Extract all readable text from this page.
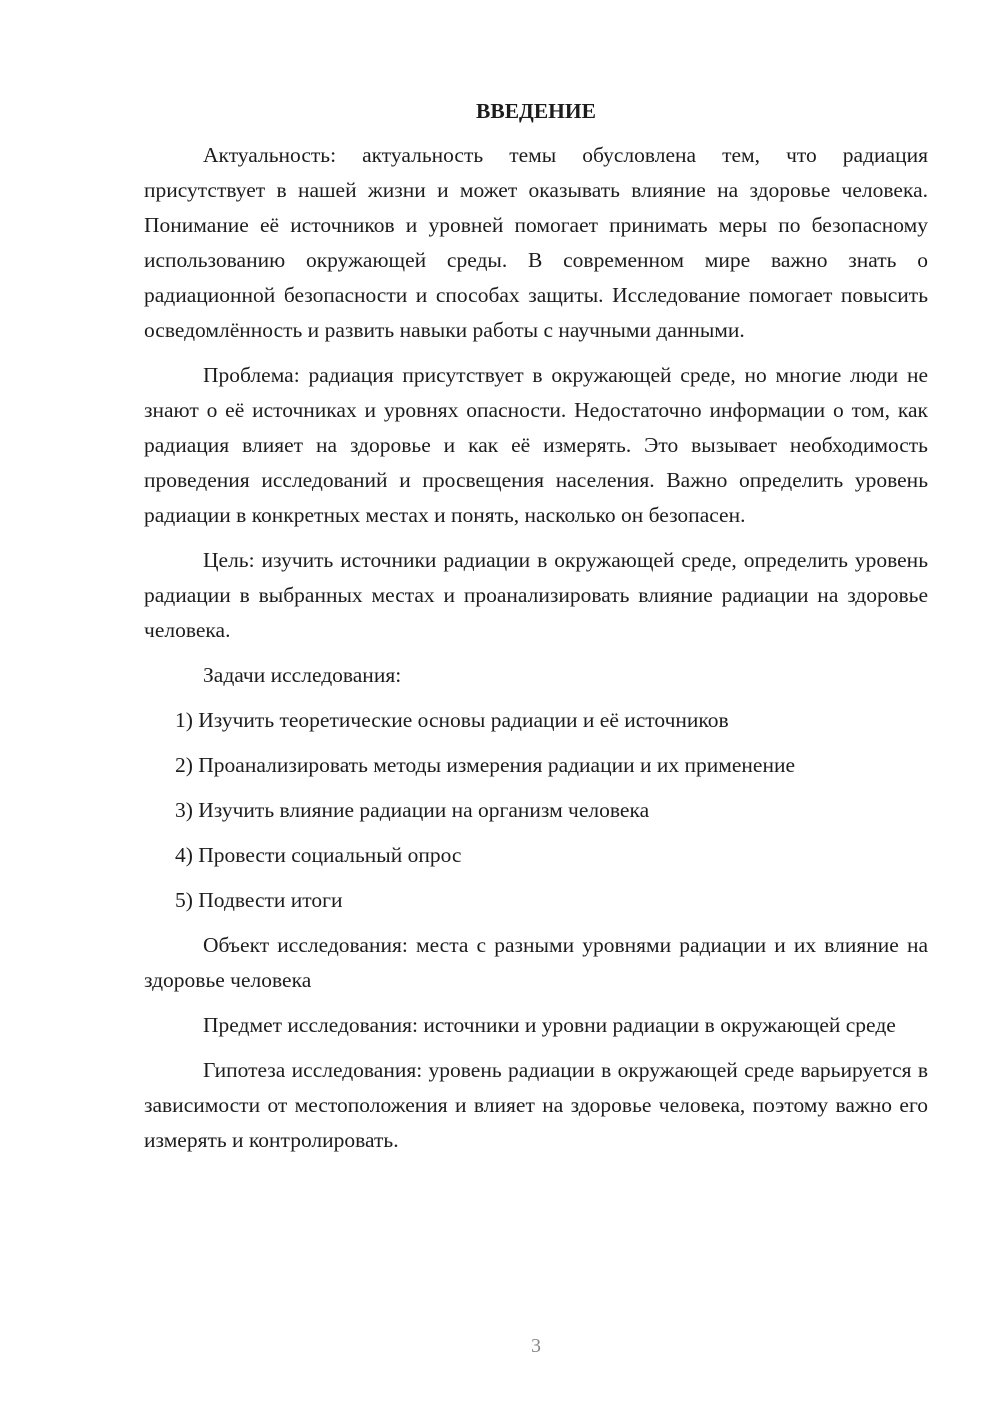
ВВЕДЕНИЕ

Актуальность: актуальность темы обусловлена тем, что радиация присутствует в нашей жизни и может оказывать влияние на здоровье человека. Понимание её источников и уровней помогает принимать меры по безопасному использованию окружающей среды. В современном мире важно знать о радиационной безопасности и способах защиты. Исследование помогает повысить осведомлённость и развить навыки работы с научными данными.

Проблема: радиация присутствует в окружающей среде, но многие люди не знают о её источниках и уровнях опасности. Недостаточно информации о том, как радиация влияет на здоровье и как её измерять. Это вызывает необходимость проведения исследований и просвещения населения. Важно определить уровень радиации в конкретных местах и понять, насколько он безопасен.

Цель: изучить источники радиации в окружающей среде, определить уровень радиации в выбранных местах и проанализировать влияние радиации на здоровье человека.

Задачи исследования:

1) Изучить теоретические основы радиации и её источников
2) Проанализировать методы измерения радиации и их применение
3) Изучить влияние радиации на организм человека
4) Провести социальный опрос
5) Подвести итоги

Объект исследования: места с разными уровнями радиации и их влияние на здоровье человека

Предмет исследования: источники и уровни радиации в окружающей среде

Гипотеза исследования: уровень радиации в окружающей среде варьируется в зависимости от местоположения и влияет на здоровье человека, поэтому важно его измерять и контролировать.

3
